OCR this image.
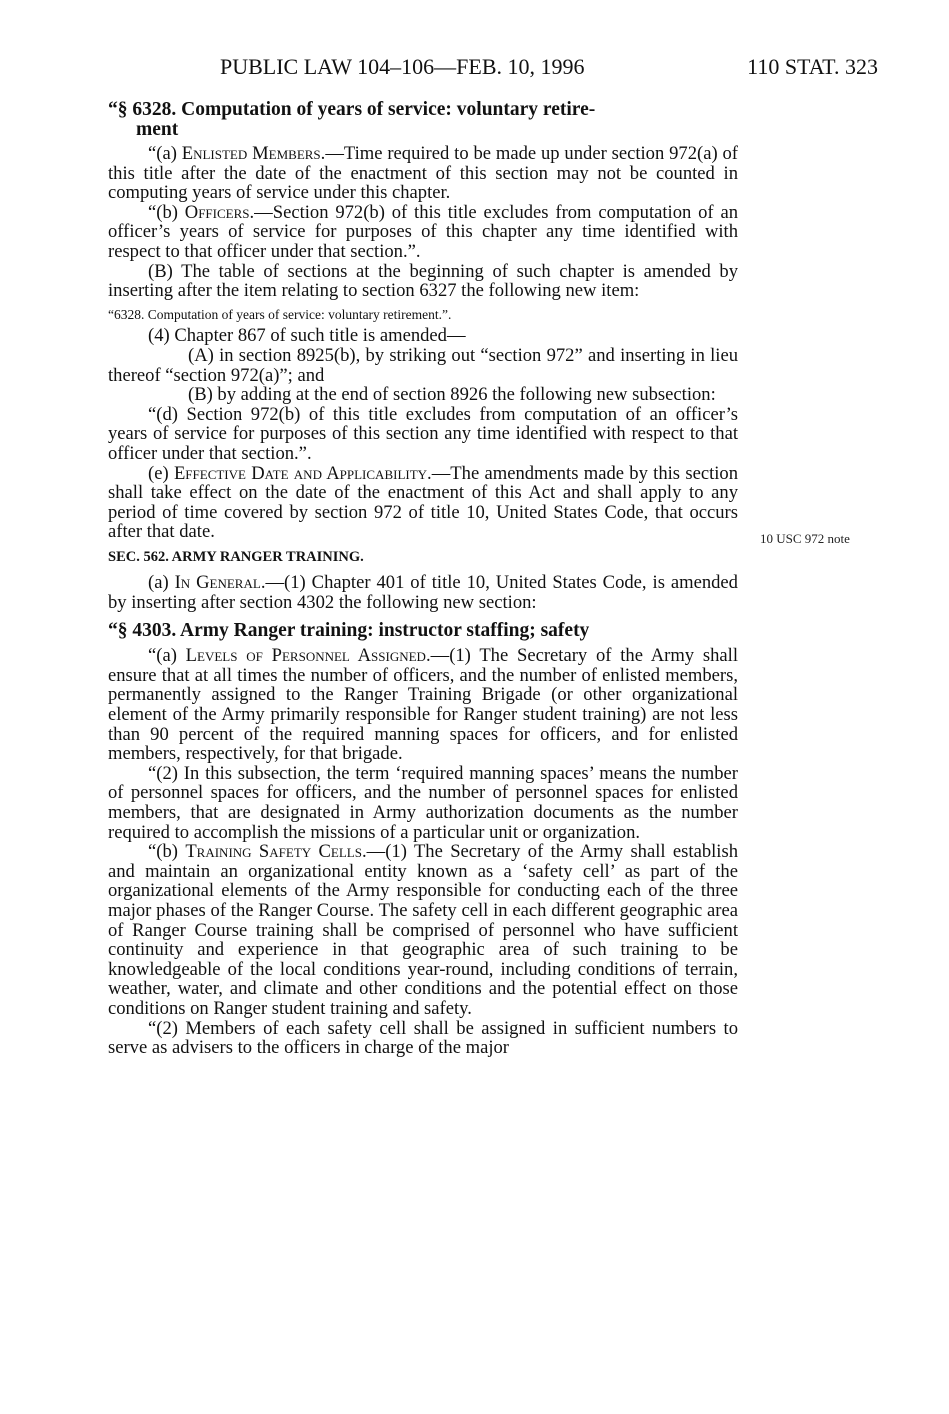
PUBLIC LAW 104–106—FEB. 10, 1996	110 STAT. 323
10 USC 972 note

“§ 6328. Computation of years of service: voluntary retire-
ment

“(a) Enlisted Members.—Time required to be made up under section 972(a) of this title after the date of the enactment of this section may not be counted in computing years of service under this chapter.

“(b) Officers.—Section 972(b) of this title excludes from computation of an officer’s years of service for purposes of this chapter any time identified with respect to that officer under that section.”.

(B) The table of sections at the beginning of such chapter is amended by inserting after the item relating to section 6327 the following new item:

“6328. Computation of years of service: voluntary retirement.”.

(4) Chapter 867 of such title is amended—

(A) in section 8925(b), by striking out “section 972” and inserting in lieu thereof “section 972(a)”; and

(B) by adding at the end of section 8926 the following new subsection:

“(d) Section 972(b) of this title excludes from computation of an officer’s years of service for purposes of this section any time identified with respect to that officer under that section.”.

(e) Effective Date and Applicability.—The amendments made by this section shall take effect on the date of the enactment of this Act and shall apply to any period of time covered by section 972 of title 10, United States Code, that occurs after that date.

SEC. 562. ARMY RANGER TRAINING.

(a) In General.—(1) Chapter 401 of title 10, United States Code, is amended by inserting after section 4302 the following new section:

“§ 4303. Army Ranger training: instructor staffing; safety

“(a) Levels of Personnel Assigned.—(1) The Secretary of the Army shall ensure that at all times the number of officers, and the number of enlisted members, permanently assigned to the Ranger Training Brigade (or other organizational element of the Army primarily responsible for Ranger student training) are not less than 90 percent of the required manning spaces for officers, and for enlisted members, respectively, for that brigade.

“(2) In this subsection, the term ‘required manning spaces’ means the number of personnel spaces for officers, and the number of personnel spaces for enlisted members, that are designated in Army authorization documents as the number required to accomplish the missions of a particular unit or organization.

“(b) Training Safety Cells.—(1) The Secretary of the Army shall establish and maintain an organizational entity known as a ‘safety cell’ as part of the organizational elements of the Army responsible for conducting each of the three major phases of the Ranger Course. The safety cell in each different geographic area of Ranger Course training shall be comprised of personnel who have sufficient continuity and experience in that geographic area of such training to be knowledgeable of the local conditions year-round, including conditions of terrain, weather, water, and climate and other conditions and the potential effect on those conditions on Ranger student training and safety.

“(2) Members of each safety cell shall be assigned in sufficient numbers to serve as advisers to the officers in charge of the major
